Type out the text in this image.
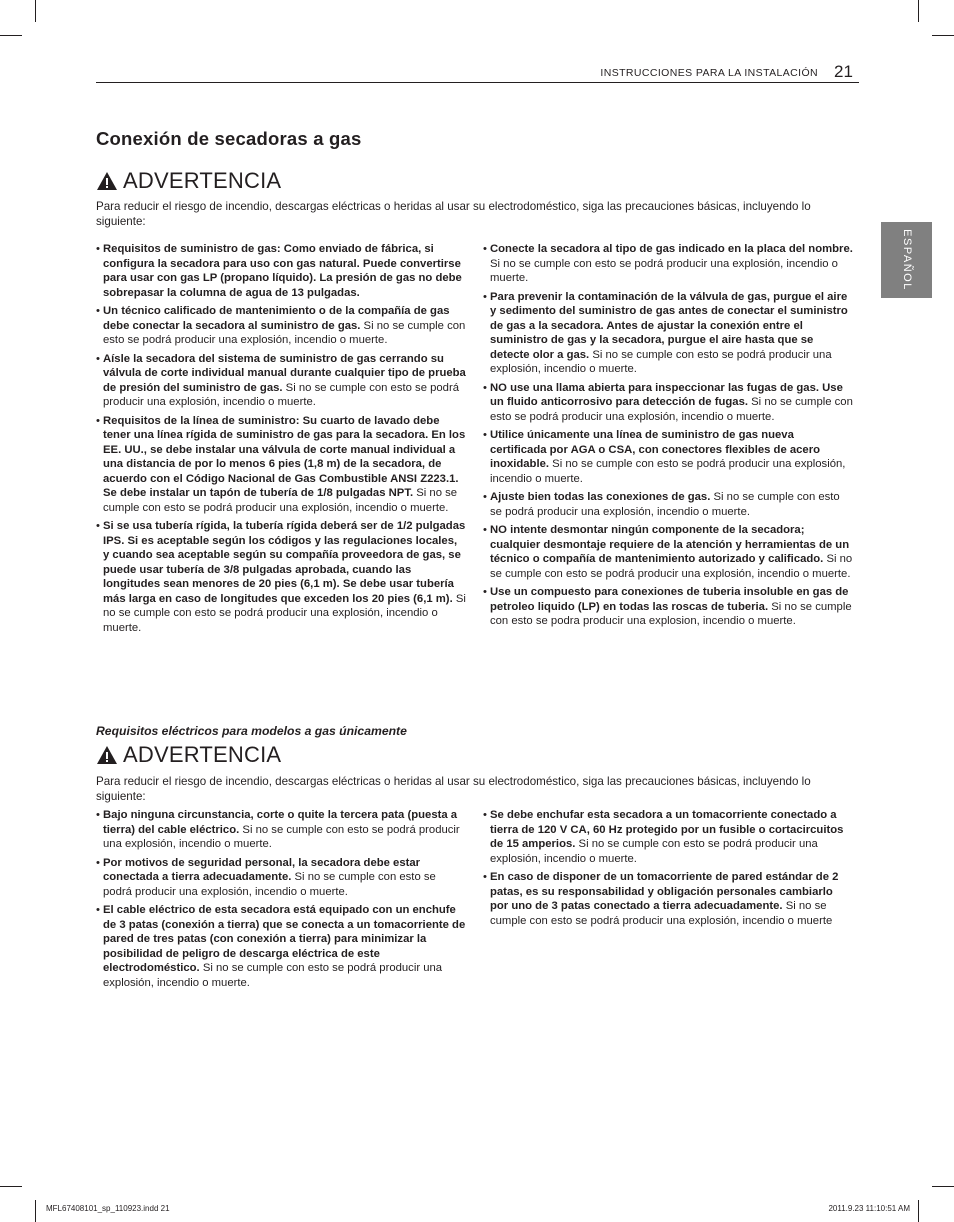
INSTRUCCIONES PARA LA INSTALACIÓN 21
ESPAÑOL
Conexión de secadoras a gas
ADVERTENCIA
Para reducir el riesgo de incendio, descargas eléctricas o heridas al usar su electrodoméstico, siga las precauciones básicas, incluyendo lo siguiente:
• Requisitos de suministro de gas: Como enviado de fábrica, si configura la secadora para uso con gas natural. Puede convertirse para usar con gas LP (propano líquido). La presión de gas no debe sobrepasar la columna de agua de 13 pulgadas.
• Un técnico calificado de mantenimiento o de la compañía de gas debe conectar la secadora al suministro de gas. Si no se cumple con esto se podrá producir una explosión, incendio o muerte.
• Aísle la secadora del sistema de suministro de gas cerrando su válvula de corte individual manual durante cualquier tipo de prueba de presión del suministro de gas. Si no se cumple con esto se podrá producir una explosión, incendio o muerte.
• Requisitos de la línea de suministro: Su cuarto de lavado debe tener una línea rígida de suministro de gas para la secadora. En los EE. UU., se debe instalar una válvula de corte manual individual a una distancia de por lo menos 6 pies (1,8 m) de la secadora, de acuerdo con el Código Nacional de Gas Combustible ANSI Z223.1. Se debe instalar un tapón de tubería de 1/8 pulgadas NPT. Si no se cumple con esto se podrá producir una explosión, incendio o muerte.
• Si se usa tubería rígida, la tubería rígida deberá ser de 1/2 pulgadas IPS. Si es aceptable según los códigos y las regulaciones locales, y cuando sea aceptable según su compañía proveedora de gas, se puede usar tubería de 3/8 pulgadas aprobada, cuando las longitudes sean menores de 20 pies (6,1 m). Se debe usar tubería más larga en caso de longitudes que exceden los 20 pies (6,1 m). Si no se cumple con esto se podrá producir una explosión, incendio o muerte.
• Conecte la secadora al tipo de gas indicado en la placa del nombre. Si no se cumple con esto se podrá producir una explosión, incendio o muerte.
• Para prevenir la contaminación de la válvula de gas, purgue el aire y sedimento del suministro de gas antes de conectar el suministro de gas a la secadora. Antes de ajustar la conexión entre el suministro de gas y la secadora, purgue el aire hasta que se detecte olor a gas. Si no se cumple con esto se podrá producir una explosión, incendio o muerte.
• NO use una llama abierta para inspeccionar las fugas de gas. Use un fluido anticorrosivo para detección de fugas. Si no se cumple con esto se podrá producir una explosión, incendio o muerte.
• Utilice únicamente una línea de suministro de gas nueva certificada por AGA o CSA, con conectores flexibles de acero inoxidable. Si no se cumple con esto se podrá producir una explosión, incendio o muerte.
• Ajuste bien todas las conexiones de gas. Si no se cumple con esto se podrá producir una explosión, incendio o muerte.
• NO intente desmontar ningún componente de la secadora; cualquier desmontaje requiere de la atención y herramientas de un técnico o compañía de mantenimiento autorizado y calificado. Si no se cumple con esto se podrá producir una explosión, incendio o muerte.
• Use un compuesto para conexiones de tuberia insoluble en gas de petroleo liquido (LP) en todas las roscas de tuberia. Si no se cumple con esto se podra producir una explosion, incendio o muerte.
Requisitos eléctricos para modelos a gas únicamente
ADVERTENCIA
Para reducir el riesgo de incendio, descargas eléctricas o heridas al usar su electrodoméstico, siga las precauciones básicas, incluyendo lo siguiente:
• Bajo ninguna circunstancia, corte o quite la tercera pata (puesta a tierra) del cable eléctrico. Si no se cumple con esto se podrá producir una explosión, incendio o muerte.
• Por motivos de seguridad personal, la secadora debe estar conectada a tierra adecuadamente. Si no se cumple con esto se podrá producir una explosión, incendio o muerte.
• El cable eléctrico de esta secadora está equipado con un enchufe de 3 patas (conexión a tierra) que se conecta a un tomacorriente de pared de tres patas (con conexión a tierra) para minimizar la posibilidad de peligro de descarga eléctrica de este electrodoméstico. Si no se cumple con esto se podrá producir una explosión, incendio o muerte.
• Se debe enchufar esta secadora a un tomacorriente conectado a tierra de 120 V CA, 60 Hz protegido por un fusible o cortacircuitos de 15 amperios. Si no se cumple con esto se podrá producir una explosión, incendio o muerte.
• En caso de disponer de un tomacorriente de pared estándar de 2 patas, es su responsabilidad y obligación personales cambiarlo por uno de 3 patas conectado a tierra adecuadamente. Si no se cumple con esto se podrá producir una explosión, incendio o muerte
MFL67408101_sp_110923.indd 21	2011.9.23 11:10:51 AM
